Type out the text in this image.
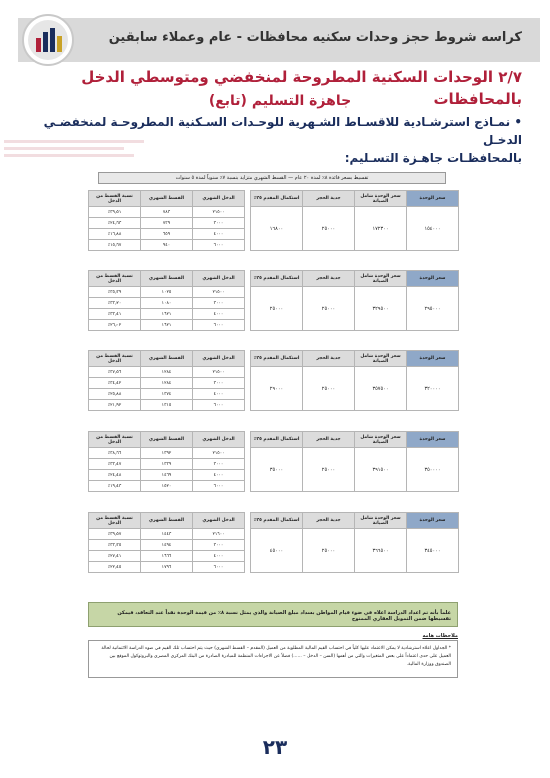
كراسه شروط حجز وحدات سكنيه محافظات - عام وعملاء سابقين
٢/٧ الوحدات السكنية المطروحة لمنخفضي ومتوسطي الدخل بالمحافظات
جاهزة التسليم (تابع)
• نمـاذج استرشـادية للاقسـاط الشـهرية للوحـدات السـكنية المطروحـة لمنخفضـي الدخـل
بالمحافظـات جاهـزة التسـليم:
تقسيط بسعر فائدة ٨٪ لمدة ٢٠ عام — القسط الشهري متزايد بنسبة ٧٪ سنوياً لمدة ٥ سنوات
نسبة القسط من الدخل	القسط الشهري	الدخل الشهري		استكمال المقدم ٢٥٪	جدية الحجز	سعر الوحدة شامل الصيانة	سعر الوحدة
٣٩٫٥١٪	٧٨٣	٢١٥٠٠		١٦٨٠٠	٢٥٠٠٠	١٧٢٣٠٠	١٥٤٠٠٠
٢٤٫٦٣٪	٧٣٩	٣٠٠٠					
١٦٫٨٨٪	٦٥٩	٤٠٠٠					
١٥٫٦٧٪	٩٤٠	٦٠٠٠					
نسبة القسط من الدخل	القسط الشهري	الدخل الشهري		استكمال المقدم ٢٥٪	جدية الحجز	سعر الوحدة شامل الصيانة	سعر الوحدة
٣٥٫٣٩٪	١٠٢٥	٢١٥٠٠		٢٥٠٠٠	٢٥٠٠٠	٣٢٩٥٠٠	٢٩٥٠٠٠
٣٣٫٢٠٪	١٠٨٠	٣٠٠٠					
٣٣٫٤١٪	١٦٢١	٤٠٠٠					
٢٦٫٠٢٪	١٦٢١	٦٠٠٠					
نسبة القسط من الدخل	القسط الشهري	الدخل الشهري		استكمال المقدم ٢٥٪	جدية الحجز	سعر الوحدة شامل الصيانة	سعر الوحدة
٣٧٫٥٦٪	١٢٨٤	٢١٥٠٠		٢٩٠٠٠	٢٥٠٠٠	٣٥٧٥٠٠	٣٢٠٠٠٠
٣٤٫٤٢٪	١٢٨٤	٣٠٠٠					
٢٥٫٨٨٪	١٣٧٤	٤٠٠٠					
٢١٫٩٢٪	١٣١٥	٦٠٠٠					
نسبة القسط من الدخل	القسط الشهري	الدخل الشهري		استكمال المقدم ٢٥٪	جدية الحجز	سعر الوحدة شامل الصيانة	سعر الوحدة
٣٨٫٦٦٪	١٣٩٢	٢١٥٠٠		٣٥٠٠٠	٢٥٠٠٠	٣٩١٥٠٠	٣٥٠٠٠٠
٣٣٫٤٧٪	١٣٣٩	٣٠٠٠					
٢٤٫٤٨٪	١٤٦٩	٤٠٠٠					
١٩٫٤٣٪	١٥٢٠	٦٠٠٠					
نسبة القسط من الدخل	القسط الشهري	الدخل الشهري		استكمال المقدم ٢٥٪	جدية الحجز	سعر الوحدة شامل الصيانة	سعر الوحدة
٣٩٫٥٧٪	١٤٤٣	٢١٦٠٠		٤٥٠٠٠	٢٥٠٠٠	٣٦٦٥٠٠	٣٤٥٠٠٠
٣٣٫٣٥٪	١٤٩٤	٣٠٠٠					
٢٧٫٤١٪	١٦٦٦	٤٠٠٠					
٢٢٫٤٥٪	١٧٩٦	٦٠٠٠					
علماً بأنه تم اعداد الدراسة اعلاه في ضوء قيام المواطن بسداد مبلغ الصيانة والذي يمثل نسبة ٨٪ من قيمة الوحدة نقداً عند التعاقد، فيمكن تقسيطها ضمن التمويل العقاري الممنوح
ملاحظات هامه
* الجداول اعلاه استرشادية لا يمكن الاعتماد عليها كلياً في احتساب القيم المالية المطلوبة من العميل (المقدم – القسط الشهري) حيث يتم احتساب تلك القيم في ضوء الدراسة الائتمانية لحالة العميل على حدى اعتماداً على بعض المتغيرات والتي من أهمها (السن – الدخل – ......) فضلاً عن الاجراءات المنظمة للمبادرة الصادرة من البنك المركزي المصري والبروتوكول الموقع بين الصندوق ووزارة المالية.
٢٣
